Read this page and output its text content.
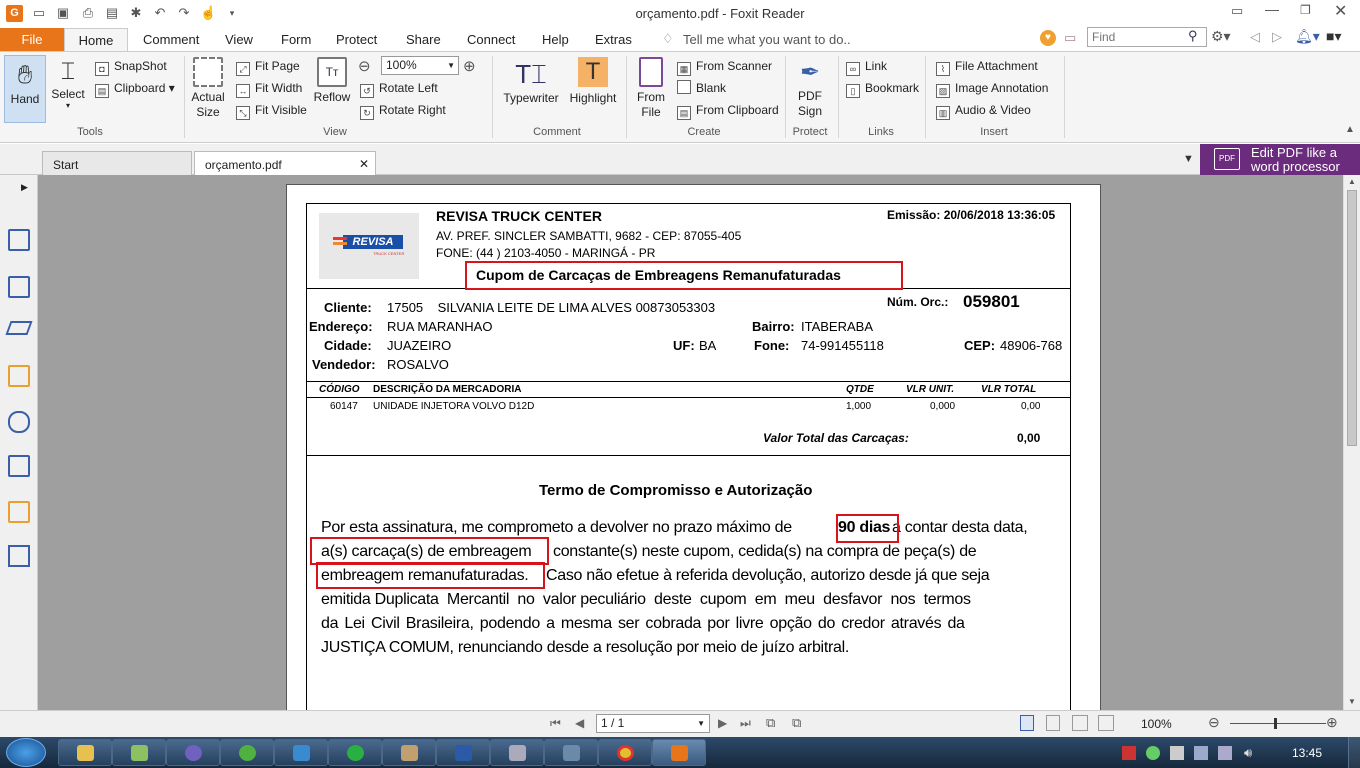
G	▭ ▣ ⎙ ▤ ✱ ↶ ↷ ☝	▾	orçamento.pdf - Foxit Reader	▭ — ❐ ✕
File	Home	Comment View Form Protect Share Connect Help Extras ♢ Tell me what you want to do..	♥	▭
Find	⚲ ⚙▾ ◁ ▷ 🔔︎▾ ■▾
✋︎
Hand
⌶
Select
▾
◘ SnapShot
▤ Clipboard ▾
Tools
Actual
Size
⤢ Fit Page
↔ Fit Width
⤡ Fit Visible
Tт
Reflow
⊖	100%	▼ ⊕
↺ Rotate Left
↻ Rotate Right
View
T⌶
Typewriter
T
Highlight
Comment
From
File
▦ From Scanner
Blank
▤ From Clipboard
Create
✒
PDF
Sign
Protect
∞ Link
▯ Bookmark
Links
⌇ File Attachment
▨ Image Annotation
▥ Audio & Video
Insert	▲
Start	orçamento.pdf	✕	▼	PDF	Edit PDF like a
word processor
▶
REVISA
TRUCK CENTER
REVISA TRUCK CENTER
AV. PREF. SINCLER SAMBATTI, 9682 - CEP: 87055-405
FONE: (44 ) 2103-4050 - MARINGÁ - PR
Emissão: 20/06/2018 13:36:05
Cupom de Carcaças de Embreagens Remanufaturadas
Núm. Orc.: 059801
Cliente: 17505    SILVANIA LEITE DE LIMA ALVES 00873053303
Endereço: RUA MARANHAO	Bairro: ITABERABA
Cidade: JUAZEIRO	UF: BA	Fone: 74-991455118	CEP: 48906-768
Vendedor: ROSALVO
CÓDIGO DESCRIÇÃO DA MERCADORIA	QTDE	VLR UNIT.	VLR TOTAL
60147 UNIDADE INJETORA VOLVO D12D	1,000	0,000	0,00
Valor Total das Carcaças:	0,00
Termo de Compromisso e Autorização
Por esta assinatura, me comprometo a devolver no prazo máximo de	90 dias a contar desta data,
a(s) carcaça(s) de embreagem constante(s) neste cupom, cedida(s) na compra de peça(s) de
embreagem remanufaturadas. Caso não efetue à referida devolução, autorizo desde já que seja
emitida Duplicata  Mercantil  no  valor peculiário  deste  cupom  em  meu  desfavor  nos  termos
da Lei Civil Brasileira, podendo a mesma ser cobrada por livre opção do credor através da
JUSTIÇA COMUM, renunciando desde a resolução por meio de juízo arbitral.
▲
▼
⏮ ◀	1 / 1	▼ ▶ ⏭ ⧉ ⧉	100%	⊖	⊕
🔊︎	13:45
